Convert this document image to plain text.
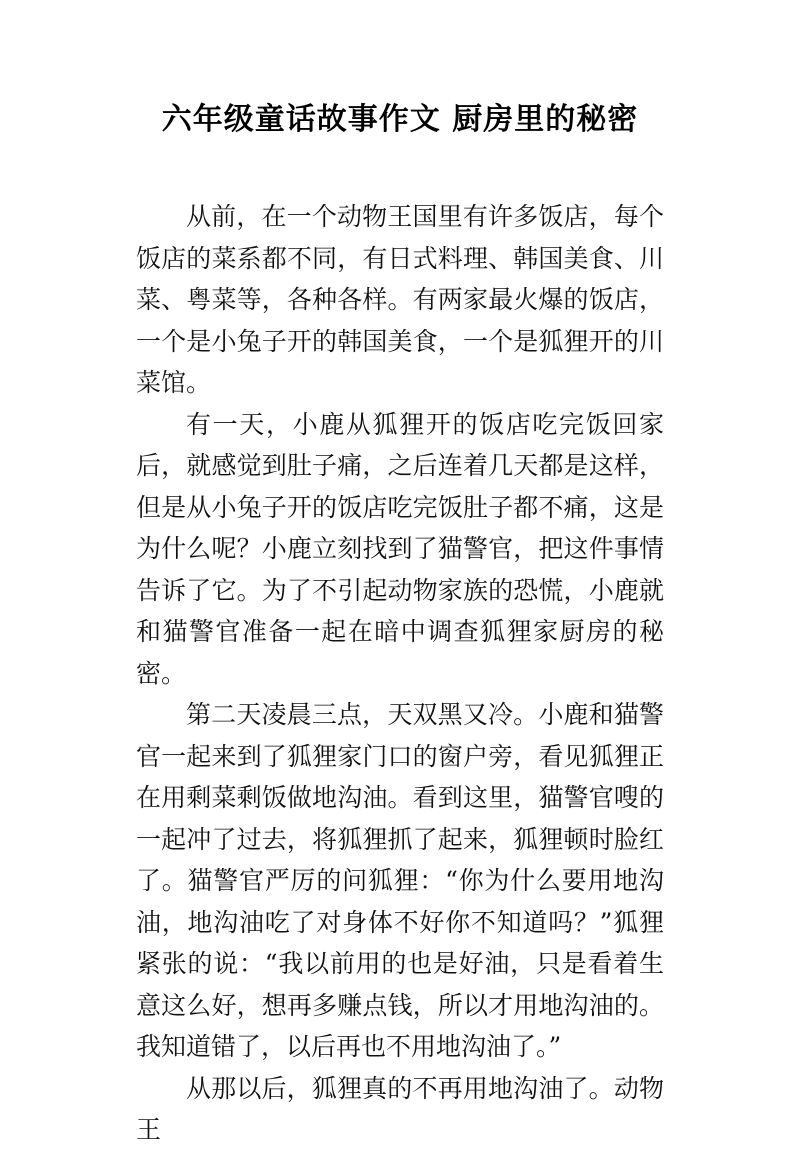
六年级童话故事作文 厨房里的秘密

从前，在一个动物王国里有许多饭店，每个饭店的菜系都不同，有日式料理、韩国美食、川菜、粤菜等，各种各样。有两家最火爆的饭店，一个是小兔子开的韩国美食，一个是狐狸开的川菜馆。

有一天，小鹿从狐狸开的饭店吃完饭回家后，就感觉到肚子痛，之后连着几天都是这样，但是从小兔子开的饭店吃完饭肚子都不痛，这是为什么呢？小鹿立刻找到了猫警官，把这件事情告诉了它。为了不引起动物家族的恐慌，小鹿就和猫警官准备一起在暗中调查狐狸家厨房的秘密。

第二天凌晨三点，天双黑又冷。小鹿和猫警官一起来到了狐狸家门口的窗户旁，看见狐狸正在用剩菜剩饭做地沟油。看到这里，猫警官嗖的一起冲了过去，将狐狸抓了起来，狐狸顿时脸红了。猫警官严厉的问狐狸：“你为什么要用地沟油，地沟油吃了对身体不好你不知道吗？”狐狸紧张的说：“我以前用的也是好油，只是看着生意这么好，想再多赚点钱，所以才用地沟油的。我知道错了，以后再也不用地沟油了。”

从那以后，狐狸真的不再用地沟油了。动物王
